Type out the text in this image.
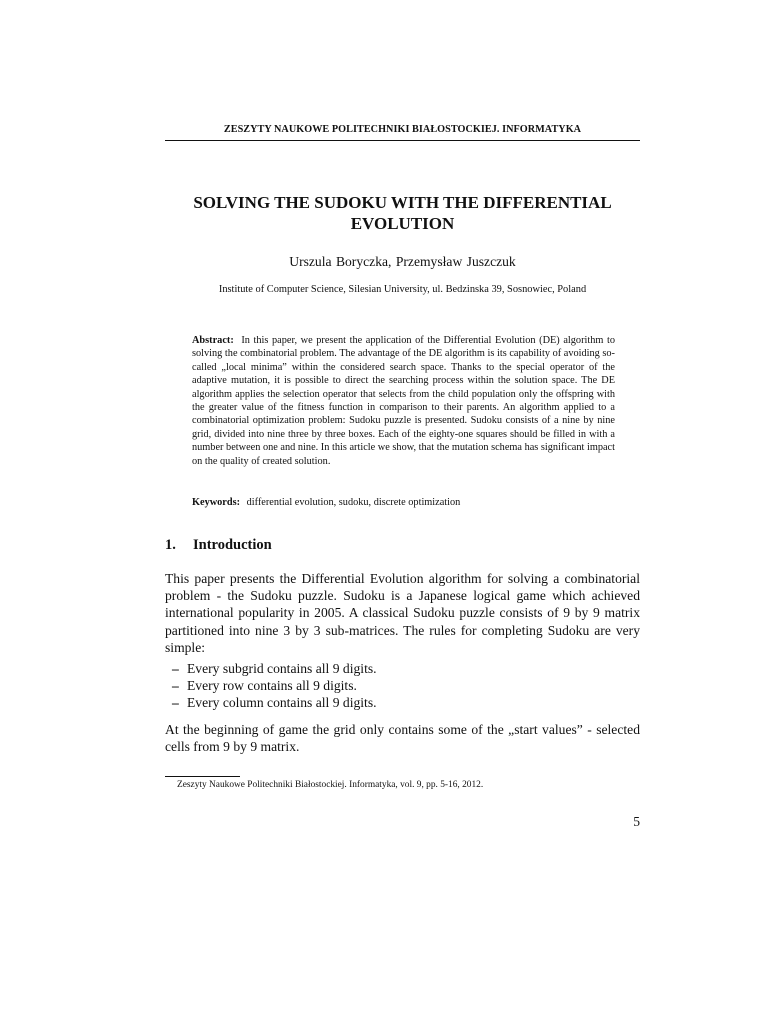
ZESZYTY NAUKOWE POLITECHNIKI BIAŁOSTOCKIEJ. INFORMATYKA
SOLVING THE SUDOKU WITH THE DIFFERENTIAL
EVOLUTION
Urszula Boryczka, Przemysław Juszczuk
Institute of Computer Science, Silesian University, ul. Bedzinska 39, Sosnowiec, Poland
Abstract: In this paper, we present the application of the Differential Evolution (DE) algorithm to solving the combinatorial problem. The advantage of the DE algorithm is its capability of avoiding so-called „local minima” within the considered search space. Thanks to the special operator of the adaptive mutation, it is possible to direct the searching process within the solution space. The DE algorithm applies the selection operator that selects from the child population only the offspring with the greater value of the fitness function in comparison to their parents. An algorithm applied to a combinatorial optimization problem: Sudoku puzzle is presented. Sudoku consists of a nine by nine grid, divided into nine three by three boxes. Each of the eighty-one squares should be filled in with a number between one and nine. In this article we show, that the mutation schema has significant impact on the quality of created solution.
Keywords: differential evolution, sudoku, discrete optimization
1. Introduction
This paper presents the Differential Evolution algorithm for solving a combinatorial problem - the Sudoku puzzle. Sudoku is a Japanese logical game which achieved international popularity in 2005. A classical Sudoku puzzle consists of 9 by 9 matrix partitioned into nine 3 by 3 sub-matrices. The rules for completing Sudoku are very simple:
– Every subgrid contains all 9 digits.
– Every row contains all 9 digits.
– Every column contains all 9 digits.
At the beginning of game the grid only contains some of the „start values” - selected cells from 9 by 9 matrix.
Zeszyty Naukowe Politechniki Białostockiej. Informatyka, vol. 9, pp. 5-16, 2012.
5
